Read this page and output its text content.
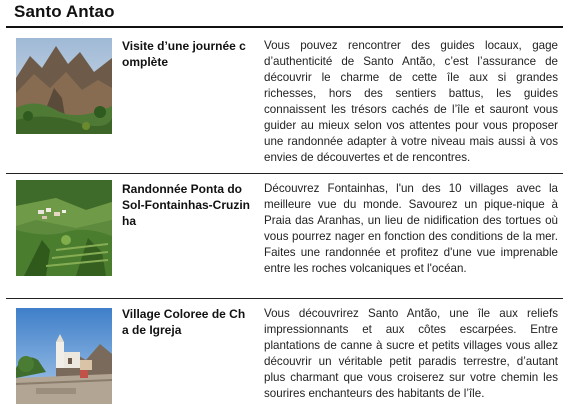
Santo Antao
Visite d’une journée complète
Vous pouvez rencontrer des guides locaux, gage d’authenticité de Santo Antão, c’est l’assurance de découvrir le charme de cette île aux si grandes richesses, hors des sentiers battus, les guides connaissent les trésors cachés de l’île et sauront vous guider au mieux selon vos attentes pour vous proposer une randonnée adapter à votre niveau mais aussi à vos envies de découvertes et de rencontres.
Randonnée Ponta do Sol-Fontainhas-Cruzinha
Découvrez Fontainhas, l'un des 10 villages avec la meilleure vue du monde. Savourez un pique-nique à Praia das Aranhas, un lieu de nidification des tortues où vous pourrez nager en fonction des conditions de la mer. Faites une randonnée et profitez d'une vue imprenable entre les roches volcaniques et l'océan.
Village Coloree de Cha de Igreja
Vous découvrirez Santo Antão, une île aux reliefs impressionnants et aux côtes escarpées. Entre plantations de canne à sucre et petits villages vous allez découvrir un véritable petit paradis terrestre, d’autant plus charmant que vous croiserez sur votre chemin les sourires enchanteurs des habitants de l’île.
